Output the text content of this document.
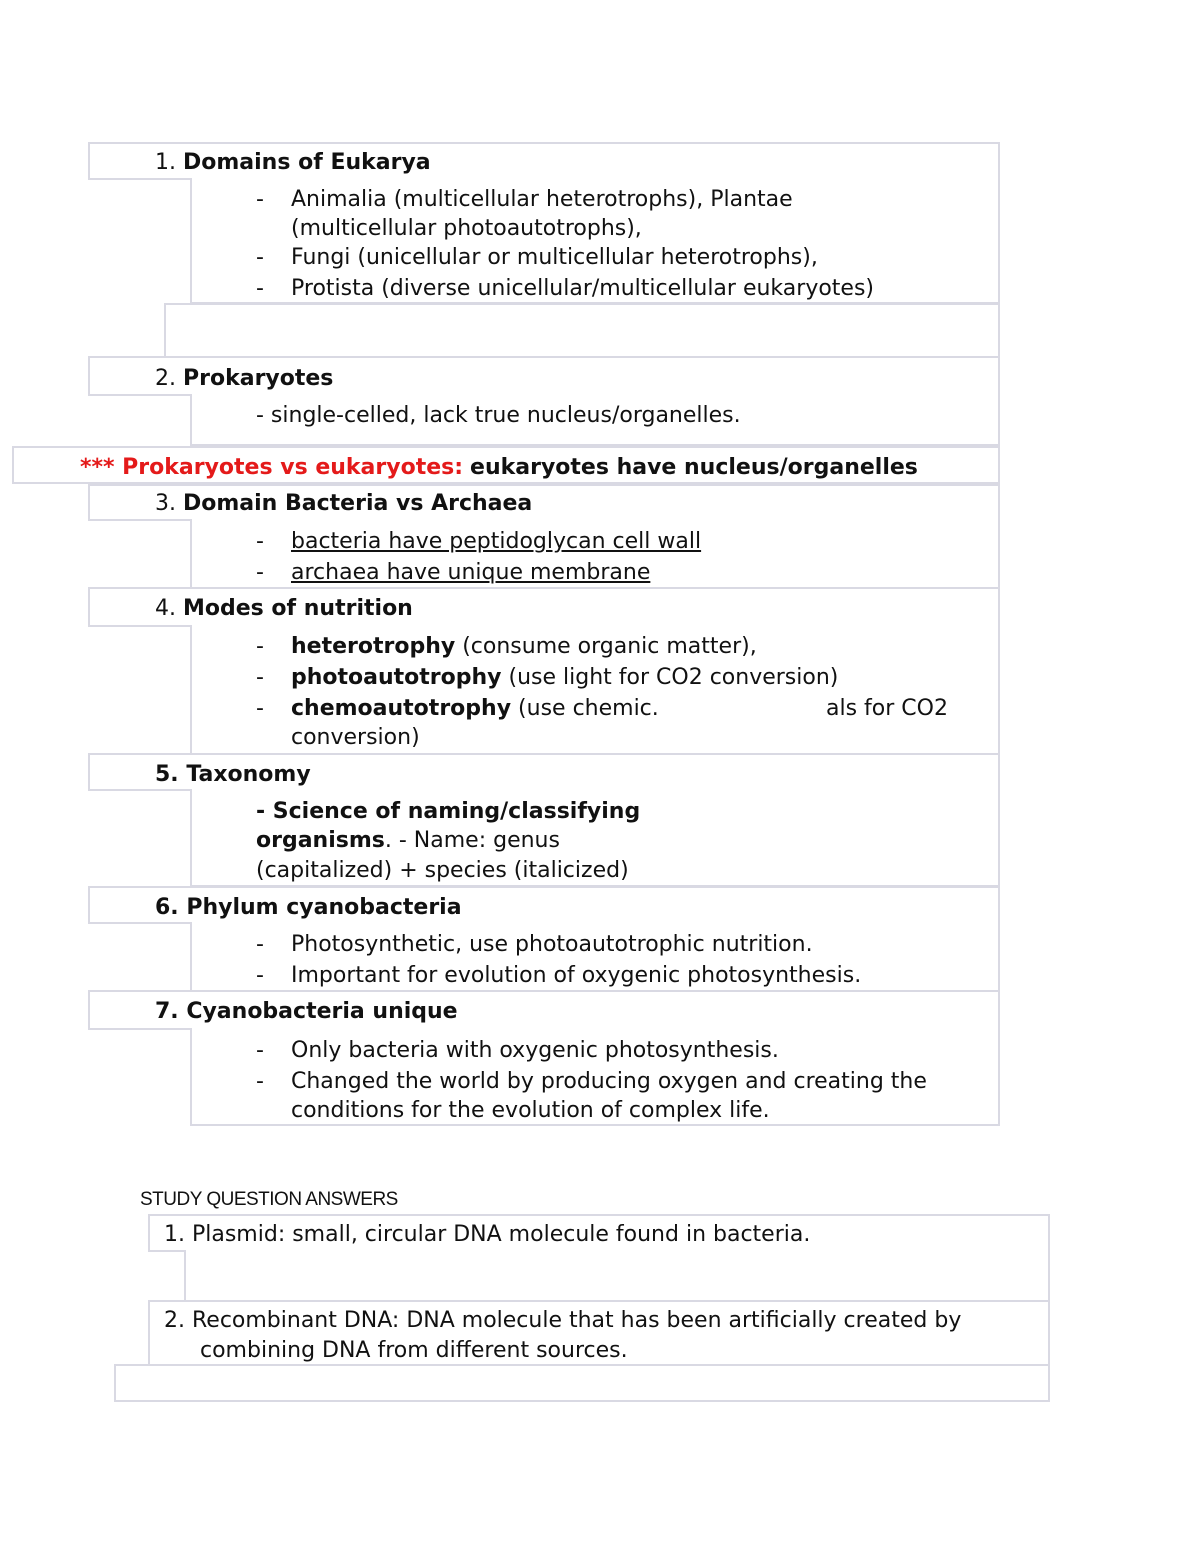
1. Domains of Eukarya
- Animalia (multicellular heterotrophs), Plantae
(multicellular photoautotrophs),
- Fungi (unicellular or multicellular heterotrophs),
- Protista (diverse unicellular/multicellular eukaryotes)
2. Prokaryotes
- single-celled, lack true nucleus/organelles.
*** Prokaryotes vs eukaryotes: eukaryotes have nucleus/organelles
3. Domain Bacteria vs Archaea
- bacteria have peptidoglycan cell wall
- archaea have unique membrane
4. Modes of nutrition
- heterotrophy (consume organic matter),
- photoautotrophy (use light for CO2 conversion)
- chemoautotrophy (use chemic.	als for CO2
conversion)
5. Taxonomy
- Science of naming/classifying
organisms. - Name: genus
(capitalized) + species (italicized)
6. Phylum cyanobacteria
- Photosynthetic, use photoautotrophic nutrition.
- Important for evolution of oxygenic photosynthesis.
7. Cyanobacteria unique
- Only bacteria with oxygenic photosynthesis.
- Changed the world by producing oxygen and creating the
conditions for the evolution of complex life.
STUDY QUESTION ANSWERS
1. Plasmid: small, circular DNA molecule found in bacteria.
2. Recombinant DNA: DNA molecule that has been artificially created by
combining DNA from different sources.
